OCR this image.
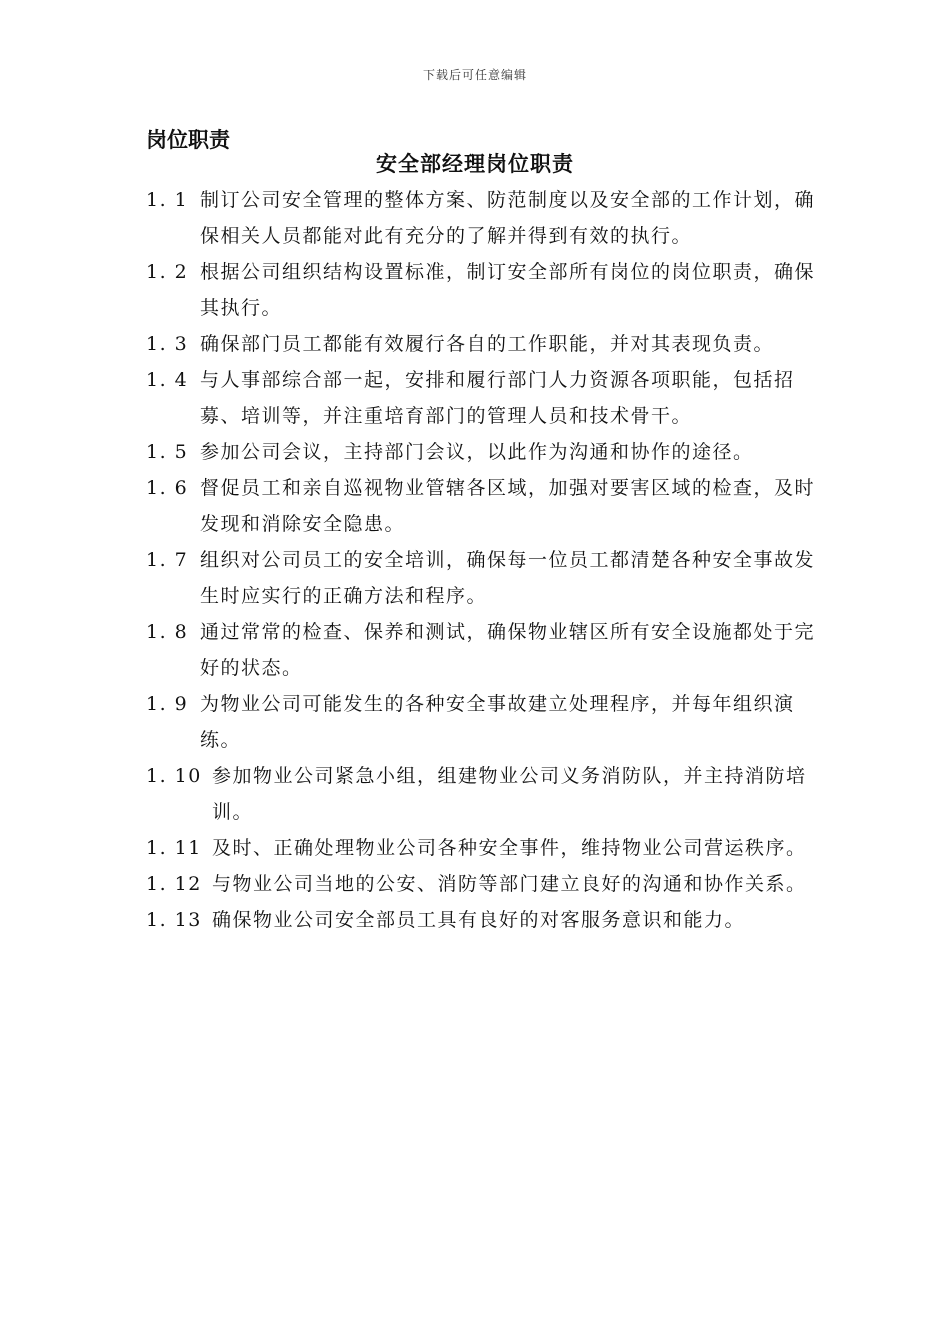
下载后可任意编辑
岗位职责
安全部经理岗位职责
1. 1 制订公司安全管理的整体方案、防范制度以及安全部的工作计划，确保相关人员都能对此有充分的了解并得到有效的执行。
1. 2 根据公司组织结构设置标准，制订安全部所有岗位的岗位职责，确保其执行。
1. 3 确保部门员工都能有效履行各自的工作职能，并对其表现负责。
1. 4 与人事部综合部一起，安排和履行部门人力资源各项职能，包括招募、培训等，并注重培育部门的管理人员和技术骨干。
1. 5 参加公司会议，主持部门会议，以此作为沟通和协作的途径。
1. 6 督促员工和亲自巡视物业管辖各区域，加强对要害区域的检查，及时发现和消除安全隐患。
1. 7 组织对公司员工的安全培训，确保每一位员工都清楚各种安全事故发生时应实行的正确方法和程序。
1. 8 通过常常的检查、保养和测试，确保物业辖区所有安全设施都处于完好的状态。
1. 9 为物业公司可能发生的各种安全事故建立处理程序，并每年组织演练。
1. 10 参加物业公司紧急小组，组建物业公司义务消防队，并主持消防培训。
1. 11 及时、正确处理物业公司各种安全事件，维持物业公司营运秩序。
1. 12 与物业公司当地的公安、消防等部门建立良好的沟通和协作关系。
1. 13 确保物业公司安全部员工具有良好的对客服务意识和能力。
